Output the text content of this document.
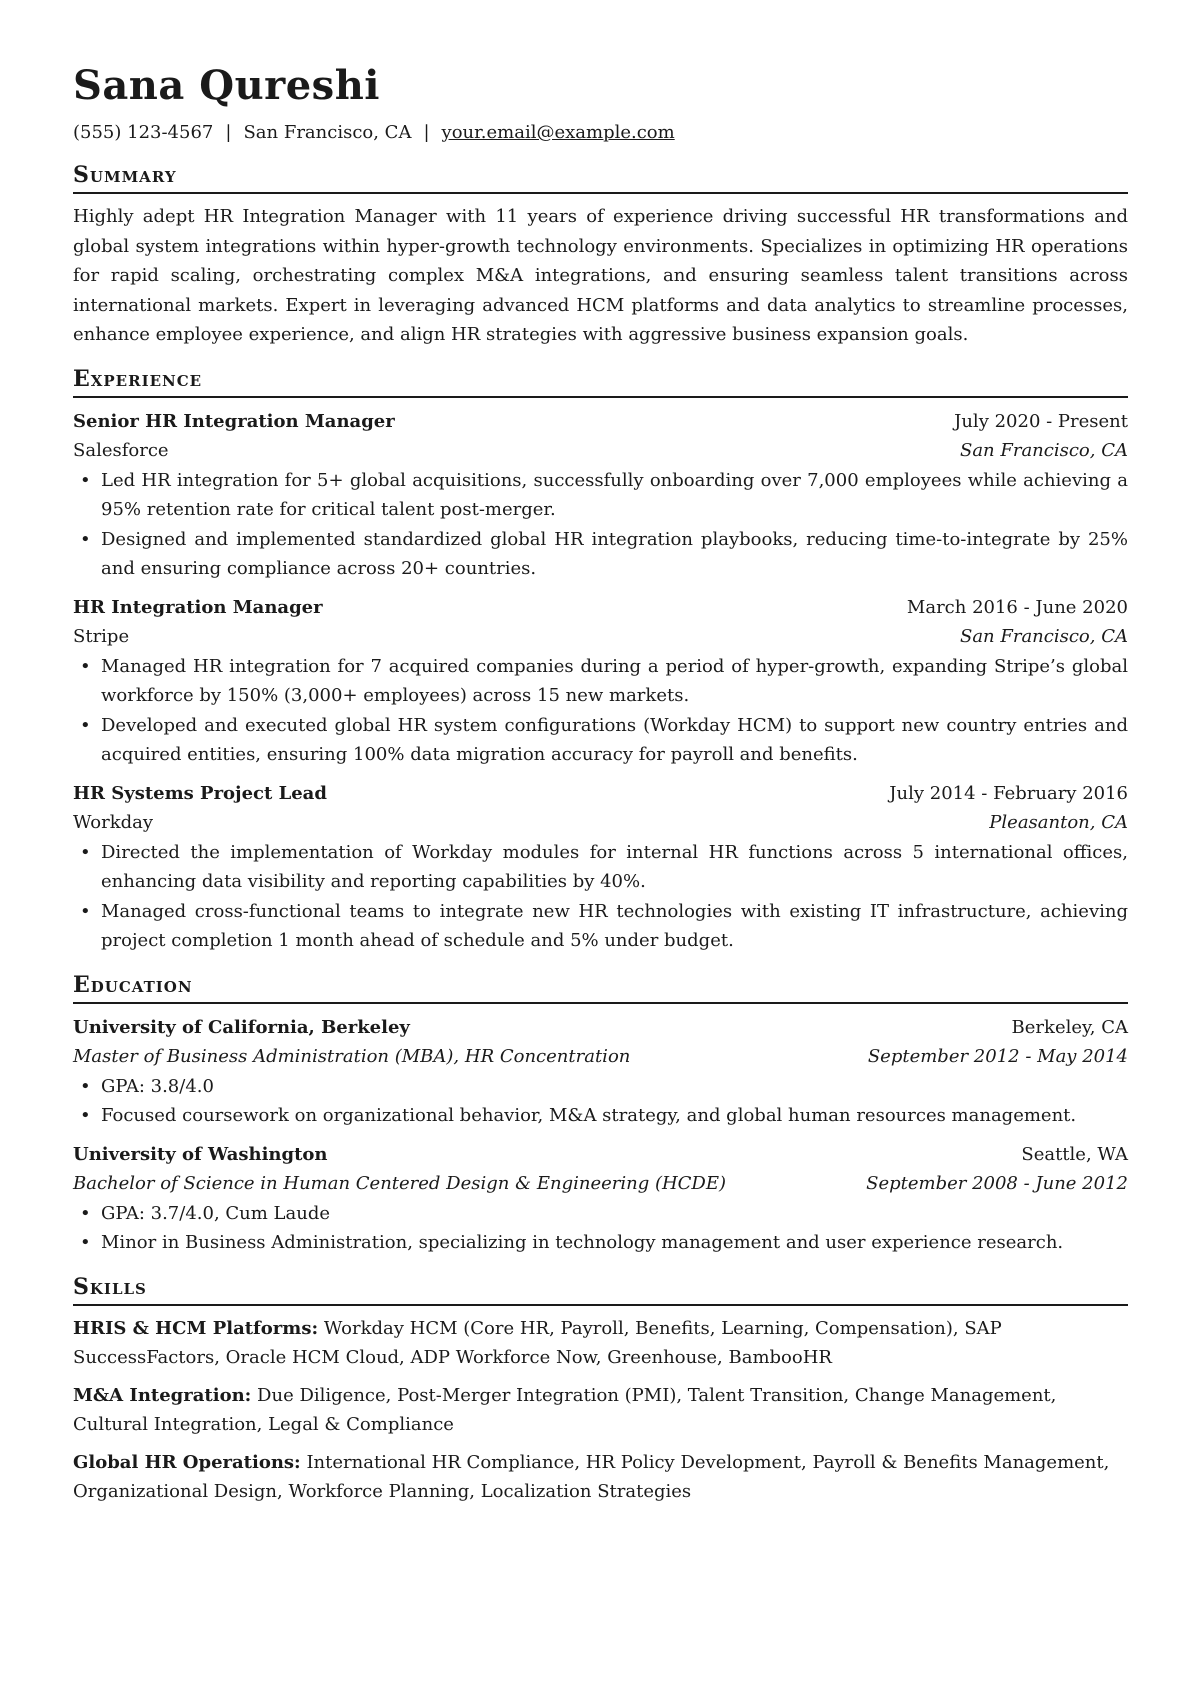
Sana Qureshi
(555) 123-4567 | San Francisco, CA | your.email@example.com
Summary
Highly adept HR Integration Manager with 11 years of experience driving successful HR transformations and global system integrations within hyper-growth technology environments. Specializes in optimizing HR operations for rapid scaling, orchestrating complex M&A integrations, and ensuring seamless talent transitions across international markets. Expert in leveraging advanced HCM platforms and data analytics to streamline processes, enhance employee experience, and align HR strategies with aggressive business expansion goals.
Experience
Senior HR Integration Manager	July 2020 - Present
Salesforce	San Francisco, CA
• Led HR integration for 5+ global acquisitions, successfully onboarding over 7,000 employees while achieving a 95% retention rate for critical talent post-merger.
• Designed and implemented standardized global HR integration playbooks, reducing time-to-integrate by 25% and ensuring compliance across 20+ countries.
HR Integration Manager	March 2016 - June 2020
Stripe	San Francisco, CA
• Managed HR integration for 7 acquired companies during a period of hyper-growth, expanding Stripe’s global workforce by 150% (3,000+ employees) across 15 new markets.
• Developed and executed global HR system configurations (Workday HCM) to support new country entries and acquired entities, ensuring 100% data migration accuracy for payroll and benefits.
HR Systems Project Lead	July 2014 - February 2016
Workday	Pleasanton, CA
• Directed the implementation of Workday modules for internal HR functions across 5 international offices, enhancing data visibility and reporting capabilities by 40%.
• Managed cross-functional teams to integrate new HR technologies with existing IT infrastructure, achieving project completion 1 month ahead of schedule and 5% under budget.
Education
University of California, Berkeley	Berkeley, CA
Master of Business Administration (MBA), HR Concentration	September 2012 - May 2014
• GPA: 3.8/4.0
• Focused coursework on organizational behavior, M&A strategy, and global human resources management.
University of Washington	Seattle, WA
Bachelor of Science in Human Centered Design & Engineering (HCDE)	September 2008 - June 2012
• GPA: 3.7/4.0, Cum Laude
• Minor in Business Administration, specializing in technology management and user experience research.
Skills
HRIS & HCM Platforms: Workday HCM (Core HR, Payroll, Benefits, Learning, Compensation), SAP SuccessFactors, Oracle HCM Cloud, ADP Workforce Now, Greenhouse, BambooHR
M&A Integration: Due Diligence, Post-Merger Integration (PMI), Talent Transition, Change Management, Cultural Integration, Legal & Compliance
Global HR Operations: International HR Compliance, HR Policy Development, Payroll & Benefits Management, Organizational Design, Workforce Planning, Localization Strategies
